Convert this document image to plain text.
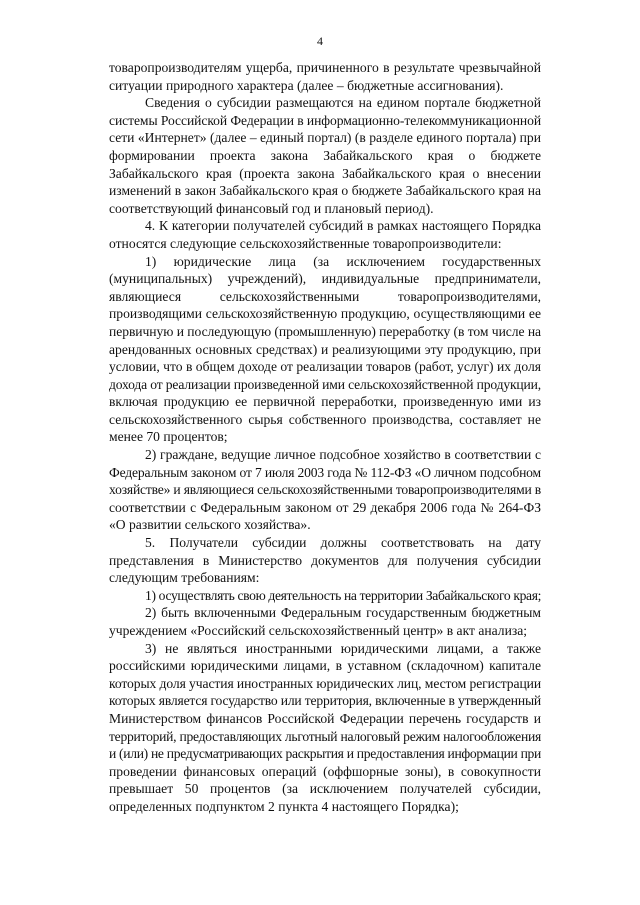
4
товаропроизводителям ущерба, причиненного в результате чрезвычайной
ситуации природного характера (далее – бюджетные ассигнования).
Сведения о субсидии размещаются на едином портале бюджетной
системы Российской Федерации в информационно-телекоммуникационной
сети «Интернет» (далее – единый портал) (в разделе единого портала) при
формировании проекта закона Забайкальского края о бюджете
Забайкальского края (проекта закона Забайкальского края о внесении
изменений в закон Забайкальского края о бюджете Забайкальского края на
соответствующий финансовый год и плановый период).
4. К категории получателей субсидий в рамках настоящего Порядка
относятся следующие сельскохозяйственные товаропроизводители:
1) юридические лица (за исключением государственных
(муниципальных) учреждений), индивидуальные предприниматели,
являющиеся сельскохозяйственными товаропроизводителями,
производящими сельскохозяйственную продукцию, осуществляющими ее
первичную и последующую (промышленную) переработку (в том числе на
арендованных основных средствах) и реализующими эту продукцию, при
условии, что в общем доходе от реализации товаров (работ, услуг) их доля
дохода от реализации произведенной ими сельскохозяйственной продукции,
включая продукцию ее первичной переработки, произведенную ими из
сельскохозяйственного сырья собственного производства, составляет не
менее 70 процентов;
2) граждане, ведущие личное подсобное хозяйство в соответствии с
Федеральным законом от 7 июля 2003 года № 112-ФЗ «О личном подсобном
хозяйстве» и являющиеся сельскохозяйственными товаропроизводителями в
соответствии с Федеральным законом от 29 декабря 2006 года № 264-ФЗ
«О развитии сельского хозяйства».
5. Получатели субсидии должны соответствовать на дату
представления в Министерство документов для получения субсидии
следующим требованиям:
1) осуществлять свою деятельность на территории Забайкальского края;
2) быть включенными Федеральным государственным бюджетным
учреждением «Российский сельскохозяйственный центр» в акт анализа;
3) не являться иностранными юридическими лицами, а также
российскими юридическими лицами, в уставном (складочном) капитале
которых доля участия иностранных юридических лиц, местом регистрации
которых является государство или территория, включенные в утвержденный
Министерством финансов Российской Федерации перечень государств и
территорий, предоставляющих льготный налоговый режим налогообложения
и (или) не предусматривающих раскрытия и предоставления информации при
проведении финансовых операций (оффшорные зоны), в совокупности
превышает 50 процентов (за исключением получателей субсидии,
определенных подпунктом 2 пункта 4 настоящего Порядка);
